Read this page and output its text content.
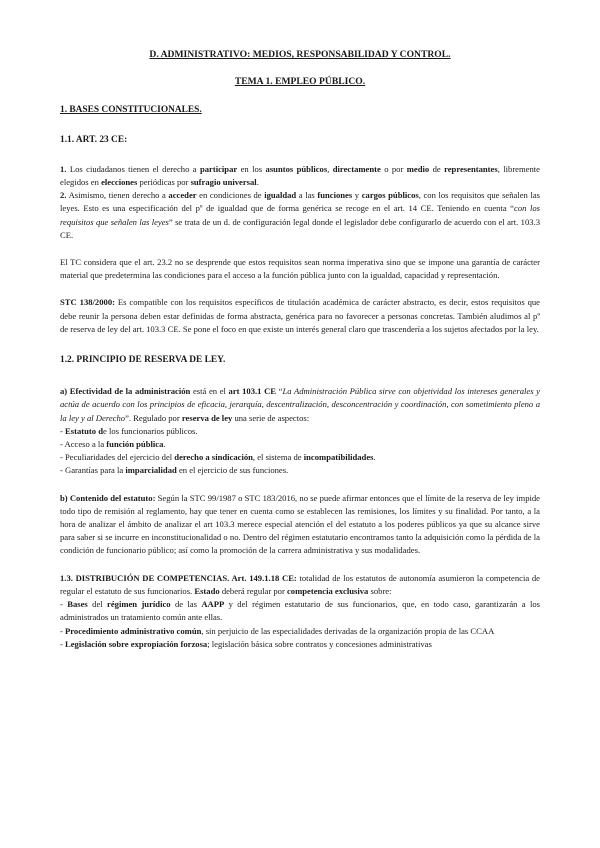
D. ADMINISTRATIVO: MEDIOS, RESPONSABILIDAD Y CONTROL.
TEMA 1. EMPLEO PÚBLICO.
1. BASES CONSTITUCIONALES.
1.1. ART. 23 CE:

1. Los ciudadanos tienen el derecho a participar en los asuntos públicos, directamente o por medio de representantes, libremente elegidos en elecciones periódicas por sufragio universal.

2. Asimismo, tienen derecho a acceder en condiciones de igualdad a las funciones y cargos públicos, con los requisitos que señalen las leyes. Esto es una especificación del pº de igualdad que de forma genérica se recoge en el art. 14 CE. Teniendo en cuenta “con los requisitos que señalen las leyes” se trata de un d. de configuración legal donde el legislador debe configurarlo de acuerdo con el art. 103.3 CE.

El TC considera que el art. 23.2 no se desprende que estos requisitos sean norma imperativa sino que se impone una garantía de carácter material que predetermina las condiciones para el acceso a la función pública junto con la igualdad, capacidad y representación.

STC 138/2000: Es compatible con los requisitos específicos de titulación académica de carácter abstracto, es decir, estos requisitos que debe reunir la persona deben estar definidas de forma abstracta, genérica para no favorecer a personas concretas. También aludimos al pº de reserva de ley del art. 103.3 CE. Se pone el foco en que existe un interés general claro que trascendería a los sujetos afectados por la ley.

1.2. PRINCIPIO DE RESERVA DE LEY.

a) Efectividad de la administración está en el art 103.1 CE “La Administración Pública sirve con objetividad los intereses generales y actúa de acuerdo con los principios de eficacia, jerarquía, descentralización, desconcentración y coordinación, con sometimiento pleno a la ley y al Derecho”. Regulado por reserva de ley una serie de aspectos:

- Estatuto de los funcionarios públicos.

- Acceso a la función pública.

- Peculiaridades del ejercicio del derecho a sindicación, el sistema de incompatibilidades.

- Garantías para la imparcialidad en el ejercicio de sus funciones.

b) Contenido del estatuto: Según la STC 99/1987 o STC 183/2016, no se puede afirmar entonces que el límite de la reserva de ley impide todo tipo de remisión al reglamento, hay que tener en cuenta como se establecen las remisiones, los límites y su finalidad. Por tanto, a la hora de analizar el ámbito de analizar el art 103.3 merece especial atención el del estatuto a los poderes públicos ya que su alcance sirve para saber si se incurre en inconstitucionalidad o no. Dentro del régimen estatutario encontramos tanto la adquisición como la pérdida de la condición de funcionario público; así como la promoción de la carrera administrativa y sus modalidades.

1.3. DISTRIBUCIÓN DE COMPETENCIAS. Art. 149.1.18 CE: totalidad de los estatutos de autonomía asumieron la competencia de regular el estatuto de sus funcionarios. Estado deberá regular por competencia exclusiva sobre:

- Bases del régimen jurídico de las AAPP y del régimen estatutario de sus funcionarios, que, en todo caso, garantizarán a los administrados un tratamiento común ante ellas.

- Procedimiento administrativo común, sin perjuicio de las especialidades derivadas de la organización propia de las CCAA

- Legislación sobre expropiación forzosa; legislación básica sobre contratos y concesiones administrativas
